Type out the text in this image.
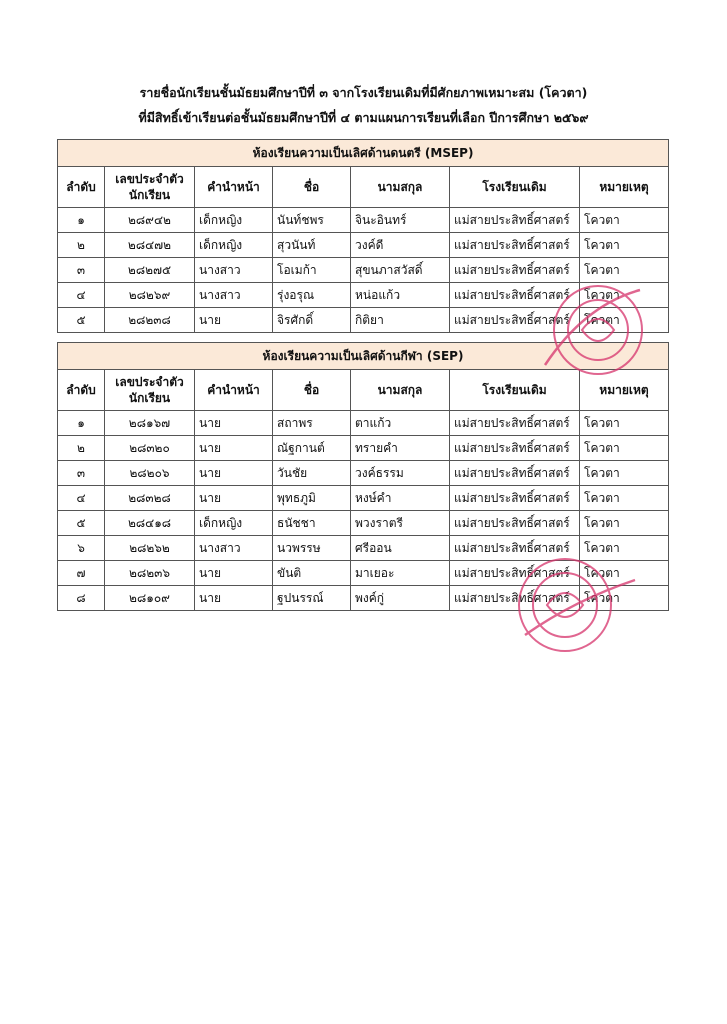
รายชื่อนักเรียนชั้นมัธยมศึกษาปีที่ ๓ จากโรงเรียนเดิมที่มีศักยภาพเหมาะสม (โควตา)
ที่มีสิทธิ์เข้าเรียนต่อชั้นมัธยมศึกษาปีที่ ๔ ตามแผนการเรียนที่เลือก ปีการศึกษา ๒๕๖๙
ห้องเรียนความเป็นเลิศด้านดนตรี (MSEP)						
ลำดับ	เลขประจำตัว นักเรียน	คำนำหน้า	ชื่อ	นามสกุล	โรงเรียนเดิม	หมายเหตุ
๑	๒๘๙๔๒	เด็กหญิง	นันท์ชพร	จินะอินทร์	แม่สายประสิทธิ์ศาสตร์	โควตา
๒	๒๘๔๗๒	เด็กหญิง	สุวนันท์	วงค์ดี	แม่สายประสิทธิ์ศาสตร์	โควตา
๓	๒๘๒๗๕	นางสาว	โอเมก้า	สุขนภาสวัสดิ์	แม่สายประสิทธิ์ศาสตร์	โควตา
๔	๒๘๒๖๙	นางสาว	รุ่งอรุณ	หน่อแก้ว	แม่สายประสิทธิ์ศาสตร์	โควตา
๕	๒๘๒๓๘	นาย	จิรศักดิ์	กิติยา	แม่สายประสิทธิ์ศาสตร์	โควตา
ห้องเรียนความเป็นเลิศด้านกีฬา (SEP)						
ลำดับ	เลขประจำตัว นักเรียน	คำนำหน้า	ชื่อ	นามสกุล	โรงเรียนเดิม	หมายเหตุ
๑	๒๘๑๖๗	นาย	สถาพร	ตาแก้ว	แม่สายประสิทธิ์ศาสตร์	โควตา
๒	๒๘๓๒๐	นาย	ณัฐกานต์	ทรายคำ	แม่สายประสิทธิ์ศาสตร์	โควตา
๓	๒๘๒๐๖	นาย	วันชัย	วงค์ธรรม	แม่สายประสิทธิ์ศาสตร์	โควตา
๔	๒๘๓๒๘	นาย	พุทธภูมิ	หงษ์คำ	แม่สายประสิทธิ์ศาสตร์	โควตา
๕	๒๘๔๑๘	เด็กหญิง	ธนัชชา	พวงราตรี	แม่สายประสิทธิ์ศาสตร์	โควตา
๖	๒๘๒๖๒	นางสาว	นวพรรษ	ศรีออน	แม่สายประสิทธิ์ศาสตร์	โควตา
๗	๒๘๒๓๖	นาย	ขันติ	มาเยอะ	แม่สายประสิทธิ์ศาสตร์	โควตา
๘	๒๘๑๐๙	นาย	ฐปนรรณ์	พงค์กู่	แม่สายประสิทธิ์ศาสตร์	โควตา
